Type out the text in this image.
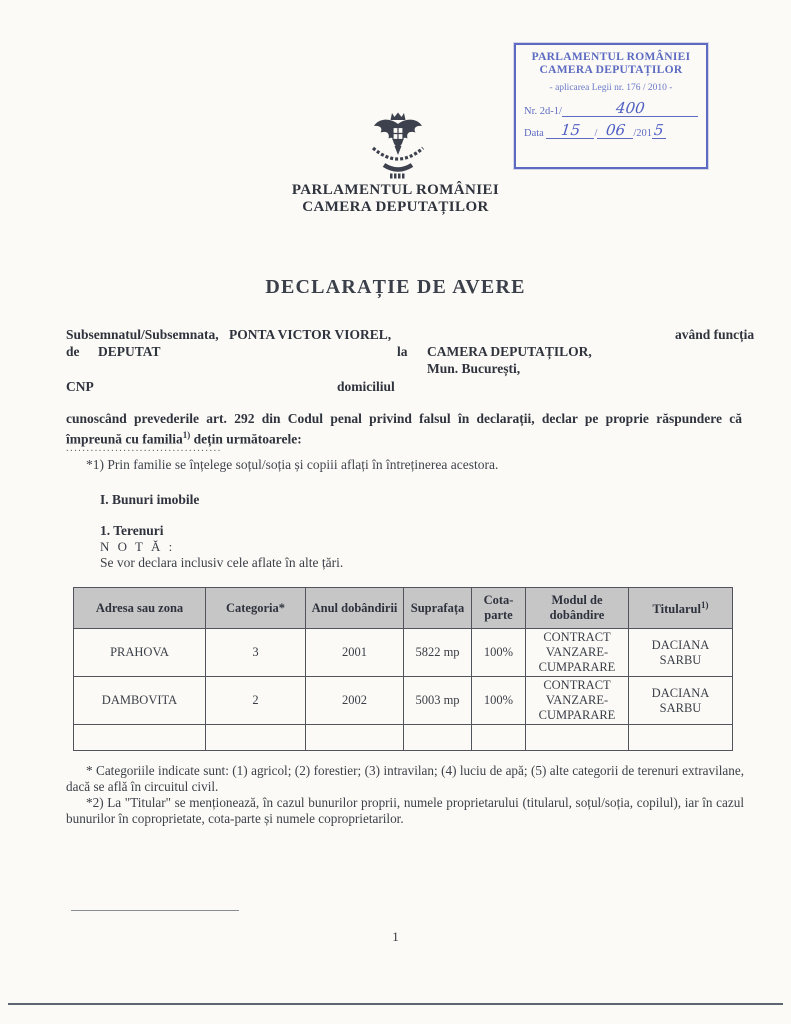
PARLAMENTUL ROMÂNIEI
CAMERA DEPUTAȚILOR
- aplicarea Legii nr. 176 / 2010 -
Nr. 2d-1/	400
Data
	15	/ 06 /201 5
PARLAMENTUL ROMÂNIEI
CAMERA DEPUTAȚILOR
DECLARAȚIE DE AVERE
Subsemnatul/Subsemnata, PONTA VICTOR VIOREL,	având funcția
de DEPUTAT	la CAMERA DEPUTAȚILOR,
Mun. București,
CNP	domiciliul

cunoscând prevederile art. 292 din Codul penal privind falsul în declarații, declar pe proprie răspundere că împreună cu familia$^{1)}$ dețin următoarele:

......................................

*1) Prin familie se înțelege soțul/soția și copiii aflați în întreținerea acestora.

I. Bunuri imobile
1. Terenuri
N O T Ă :
Se vor declara inclusiv cele aflate în alte țări.
Adresa sau zona	Categoria*	Anul dobândirii	Suprafața	Cota-parte	Modul de dobândire	Titularul$^{1)}$
PRAHOVA	3	2001	5822 mp	100%	CONTRACT VANZARE-CUMPARARE	DACIANA SARBU
DAMBOVITA	2	2002	5003 mp	100%	CONTRACT VANZARE-CUMPARARE	DACIANA SARBU

* Categoriile indicate sunt: (1) agricol; (2) forestier; (3) intravilan; (4) luciu de apă; (5) alte categorii de terenuri extravilane, dacă se află în circuitul civil.

*2) La "Titular" se menționează, în cazul bunurilor proprii, numele proprietarului (titularul, soțul/soția, copilul), iar în cazul bunurilor în coproprietate, cota-parte și numele coproprietarilor.

1
